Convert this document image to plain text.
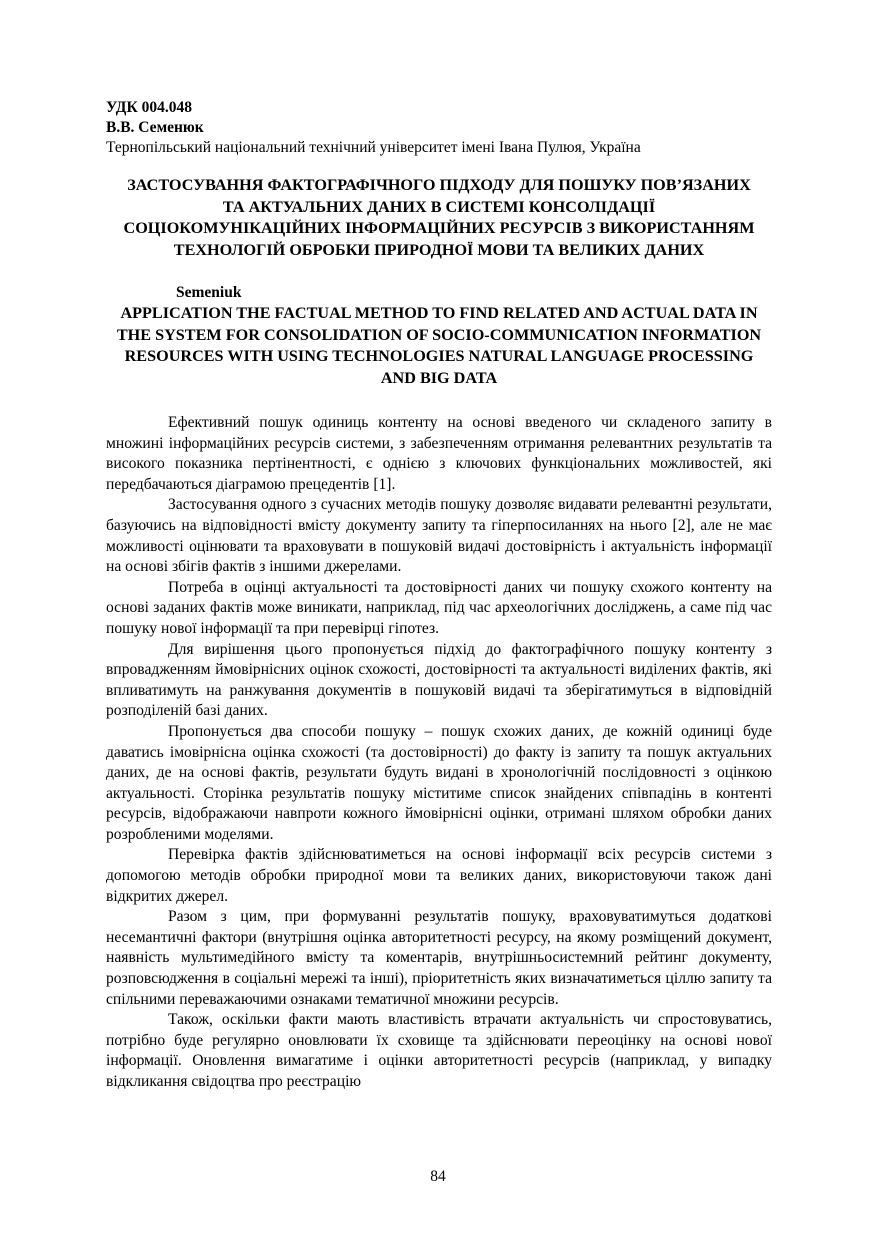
УДК 004.048
В.В. Семенюк
Тернопільський національний технічний університет імені Івана Пулюя, Україна
ЗАСТОСУВАННЯ ФАКТОГРАФІЧНОГО ПІДХОДУ ДЛЯ ПОШУКУ ПОВ’ЯЗАНИХ ТА АКТУАЛЬНИХ ДАНИХ В СИСТЕМІ КОНСОЛІДАЦІЇ СОЦІОКОМУНІКАЦІЙНИХ ІНФОРМАЦІЙНИХ РЕСУРСІВ З ВИКОРИСТАННЯМ ТЕХНОЛОГІЙ ОБРОБКИ ПРИРОДНОЇ МОВИ ТА ВЕЛИКИХ ДАНИХ
Semeniuk
APPLICATION THE FACTUAL METHOD TO FIND RELATED AND ACTUAL DATA IN THE SYSTEM FOR CONSOLIDATION OF SOCIO-COMMUNICATION INFORMATION RESOURCES WITH USING TECHNOLOGIES NATURAL LANGUAGE PROCESSING AND BIG DATA

Ефективний пошук одиниць контенту на основі введеного чи складеного запиту в множині інформаційних ресурсів системи, з забезпеченням отримання релевантних результатів та високого показника пертінентності, є однією з ключових функціональних можливостей, які передбачаються діаграмою прецедентів [1].

Застосування одного з сучасних методів пошуку дозволяє видавати релевантні результати, базуючись на відповідності вмісту документу запиту та гіперпосиланнях на нього [2], але не має можливості оцінювати та враховувати в пошуковій видачі достовірність і актуальність інформації на основі збігів фактів з іншими джерелами.

Потреба в оцінці актуальності та достовірності даних чи пошуку схожого контенту на основі заданих фактів може виникати, наприклад, під час археологічних досліджень, а саме під час пошуку нової інформації та при перевірці гіпотез.

Для вирішення цього пропонується підхід до фактографічного пошуку контенту з впровадженням ймовірнісних оцінок схожості, достовірності та актуальності виділених фактів, які впливатимуть на ранжування документів в пошуковій видачі та зберігатимуться в відповідній розподіленій базі даних.

Пропонується два способи пошуку – пошук схожих даних, де кожній одиниці буде даватись імовірнісна оцінка схожості (та достовірності) до факту із запиту та пошук актуальних даних, де на основі фактів, результати будуть видані в хронологічній послідовності з оцінкою актуальності. Сторінка результатів пошуку міститиме список знайдених співпадінь в контенті ресурсів, відображаючи навпроти кожного ймовірнісні оцінки, отримані шляхом обробки даних розробленими моделями.

Перевірка фактів здійснюватиметься на основі інформації всіх ресурсів системи з допомогою методів обробки природної мови та великих даних, використовуючи також дані відкритих джерел.

Разом з цим, при формуванні результатів пошуку, враховуватимуться додаткові несемантичні фактори (внутрішня оцінка авторитетності ресурсу, на якому розміщений документ, наявність мультимедійного вмісту та коментарів, внутрішньосистемний рейтинг документу, розповсюдження в соціальні мережі та інші), пріоритетність яких визначатиметься ціллю запиту та спільними переважаючими ознаками тематичної множини ресурсів.

Також, оскільки факти мають властивість втрачати актуальність чи спростовуватись, потрібно буде регулярно оновлювати їх сховище та здійснювати переоцінку на основі нової інформації. Оновлення вимагатиме і оцінки авторитетності ресурсів (наприклад, у випадку відкликання свідоцтва про реєстрацію

84
